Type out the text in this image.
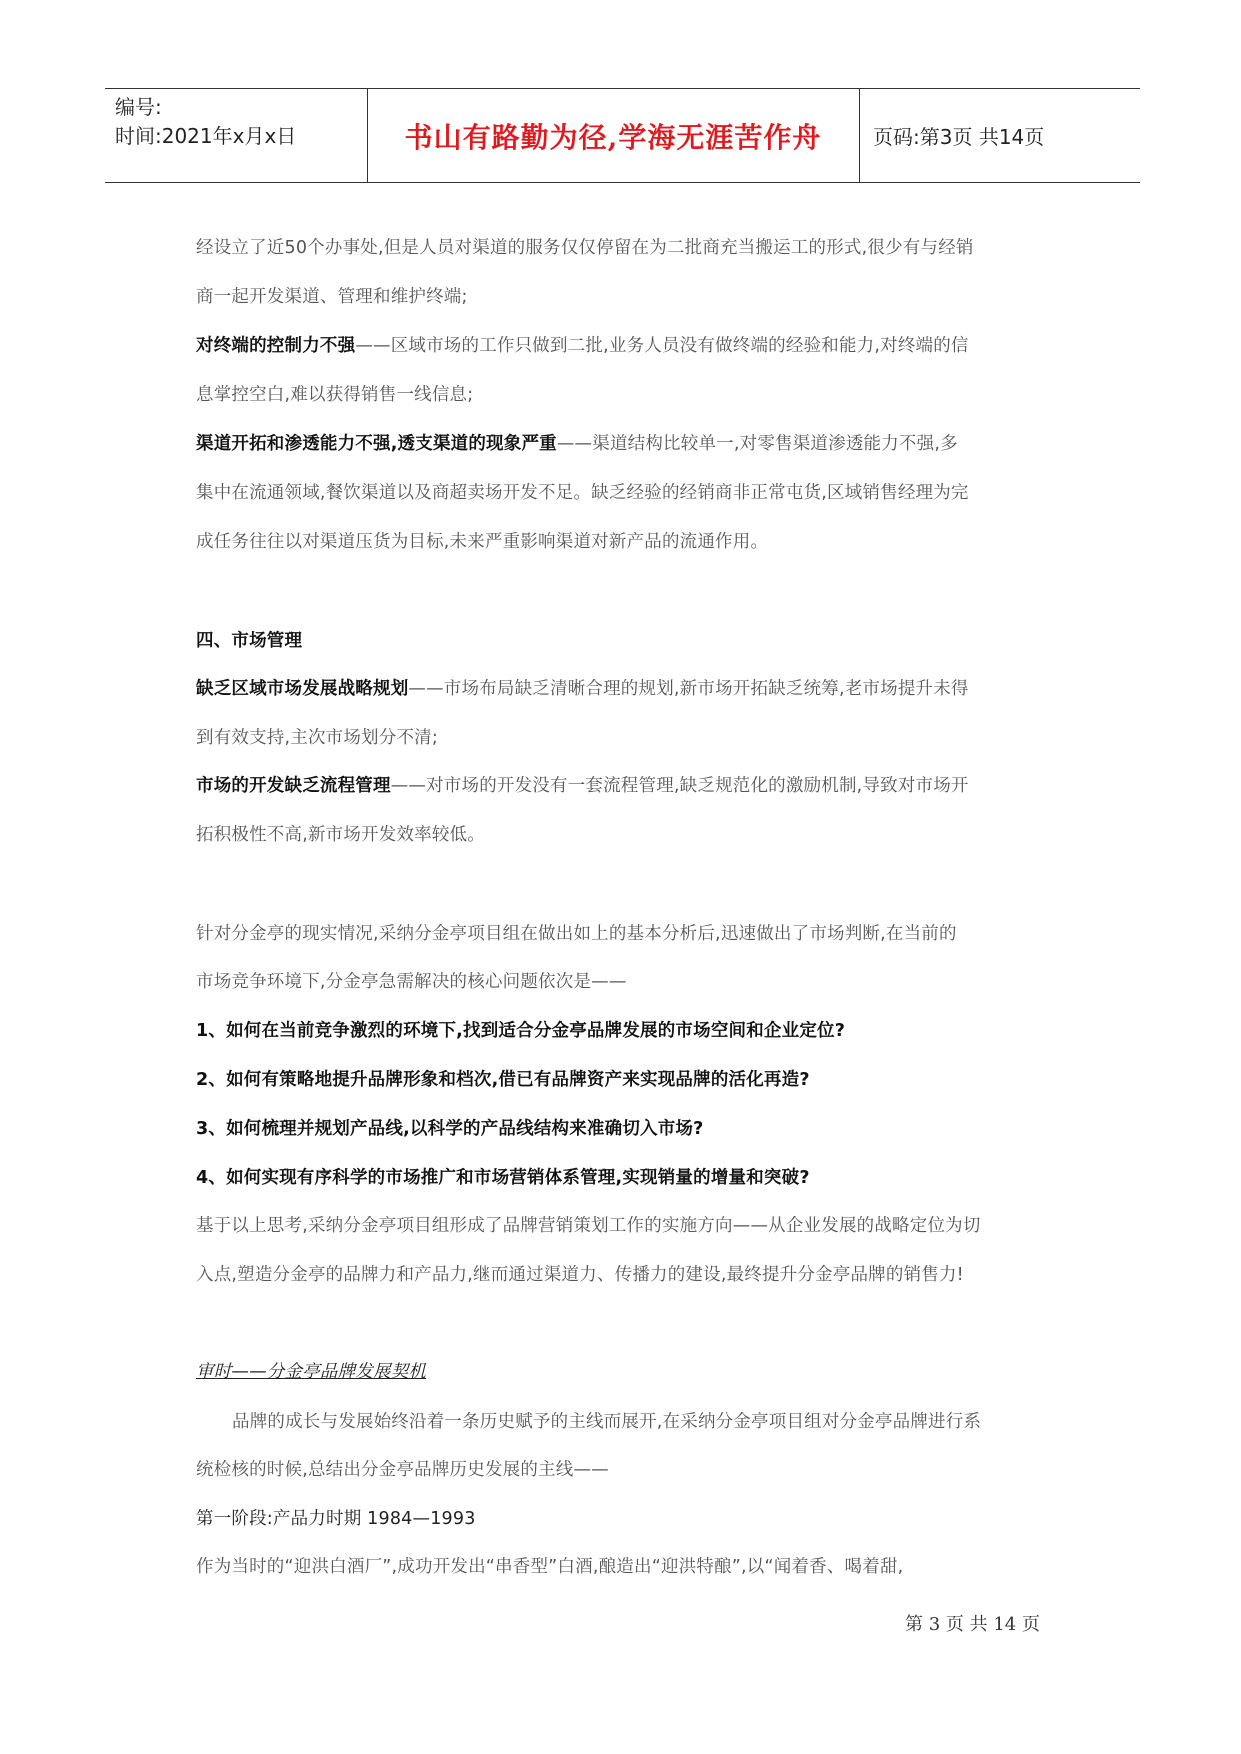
编号:
时间:2021年x月x日	书山有路勤为径,学海无涯苦作舟	页码:第3页 共14页
经设立了近50个办事处,但是人员对渠道的服务仅仅停留在为二批商充当搬运工的形式,很少有与经销
商一起开发渠道、管理和维护终端;
对终端的控制力不强——区域市场的工作只做到二批,业务人员没有做终端的经验和能力,对终端的信
息掌控空白,难以获得销售一线信息;
渠道开拓和渗透能力不强,透支渠道的现象严重——渠道结构比较单一,对零售渠道渗透能力不强,多
集中在流通领域,餐饮渠道以及商超卖场开发不足。缺乏经验的经销商非正常屯货,区域销售经理为完
成任务往往以对渠道压货为目标,未来严重影响渠道对新产品的流通作用。
四、市场管理
缺乏区域市场发展战略规划——市场布局缺乏清晰合理的规划,新市场开拓缺乏统筹,老市场提升未得
到有效支持,主次市场划分不清;
市场的开发缺乏流程管理——对市场的开发没有一套流程管理,缺乏规范化的激励机制,导致对市场开
拓积极性不高,新市场开发效率较低。
针对分金亭的现实情况,采纳分金亭项目组在做出如上的基本分析后,迅速做出了市场判断,在当前的
市场竞争环境下,分金亭急需解决的核心问题依次是——
1、如何在当前竞争激烈的环境下,找到适合分金亭品牌发展的市场空间和企业定位?
2、如何有策略地提升品牌形象和档次,借已有品牌资产来实现品牌的活化再造?
3、如何梳理并规划产品线,以科学的产品线结构来准确切入市场?
4、如何实现有序科学的市场推广和市场营销体系管理,实现销量的增量和突破?
基于以上思考,采纳分金亭项目组形成了品牌营销策划工作的实施方向——从企业发展的战略定位为切
入点,塑造分金亭的品牌力和产品力,继而通过渠道力、传播力的建设,最终提升分金亭品牌的销售力!
审时——分金亭品牌发展契机
品牌的成长与发展始终沿着一条历史赋予的主线而展开,在采纳分金亭项目组对分金亭品牌进行系
统检核的时候,总结出分金亭品牌历史发展的主线——
第一阶段:产品力时期 1984—1993
作为当时的“迎洪白酒厂”,成功开发出“串香型”白酒,酿造出“迎洪特酿”,以“闻着香、喝着甜,
第 3 页 共 14 页
